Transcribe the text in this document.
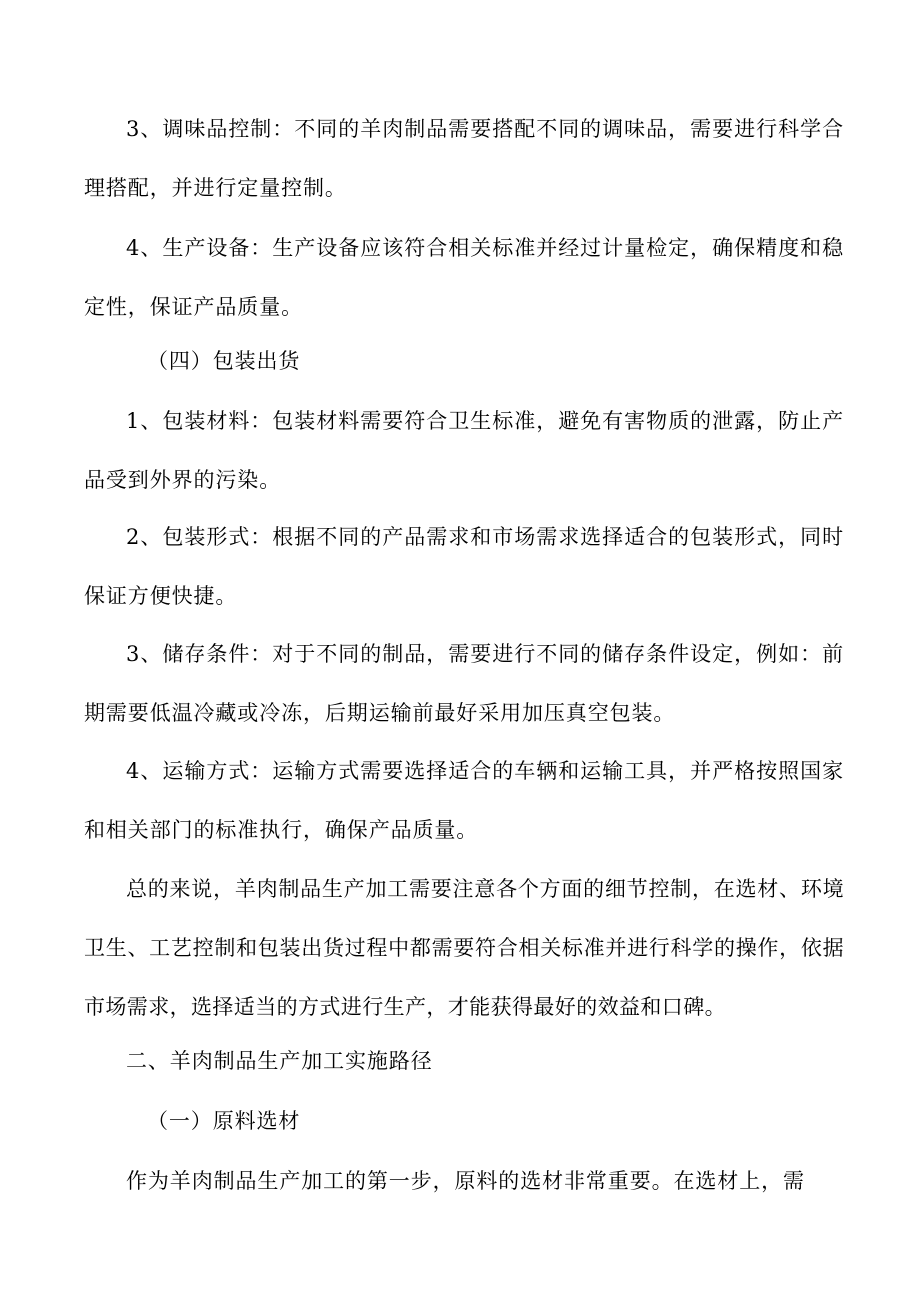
3、调味品控制：不同的羊肉制品需要搭配不同的调味品，需要进行科学合理搭配，并进行定量控制。

4、生产设备：生产设备应该符合相关标准并经过计量检定，确保精度和稳定性，保证产品质量。

（四）包装出货

1、包装材料：包装材料需要符合卫生标准，避免有害物质的泄露，防止产品受到外界的污染。

2、包装形式：根据不同的产品需求和市场需求选择适合的包装形式，同时保证方便快捷。

3、储存条件：对于不同的制品，需要进行不同的储存条件设定，例如：前期需要低温冷藏或冷冻，后期运输前最好采用加压真空包装。

4、运输方式：运输方式需要选择适合的车辆和运输工具，并严格按照国家和相关部门的标准执行，确保产品质量。

总的来说，羊肉制品生产加工需要注意各个方面的细节控制，在选材、环境卫生、工艺控制和包装出货过程中都需要符合相关标准并进行科学的操作，依据市场需求，选择适当的方式进行生产，才能获得最好的效益和口碑。

二、羊肉制品生产加工实施路径

（一）原料选材

作为羊肉制品生产加工的第一步，原料的选材非常重要。在选材上，需
